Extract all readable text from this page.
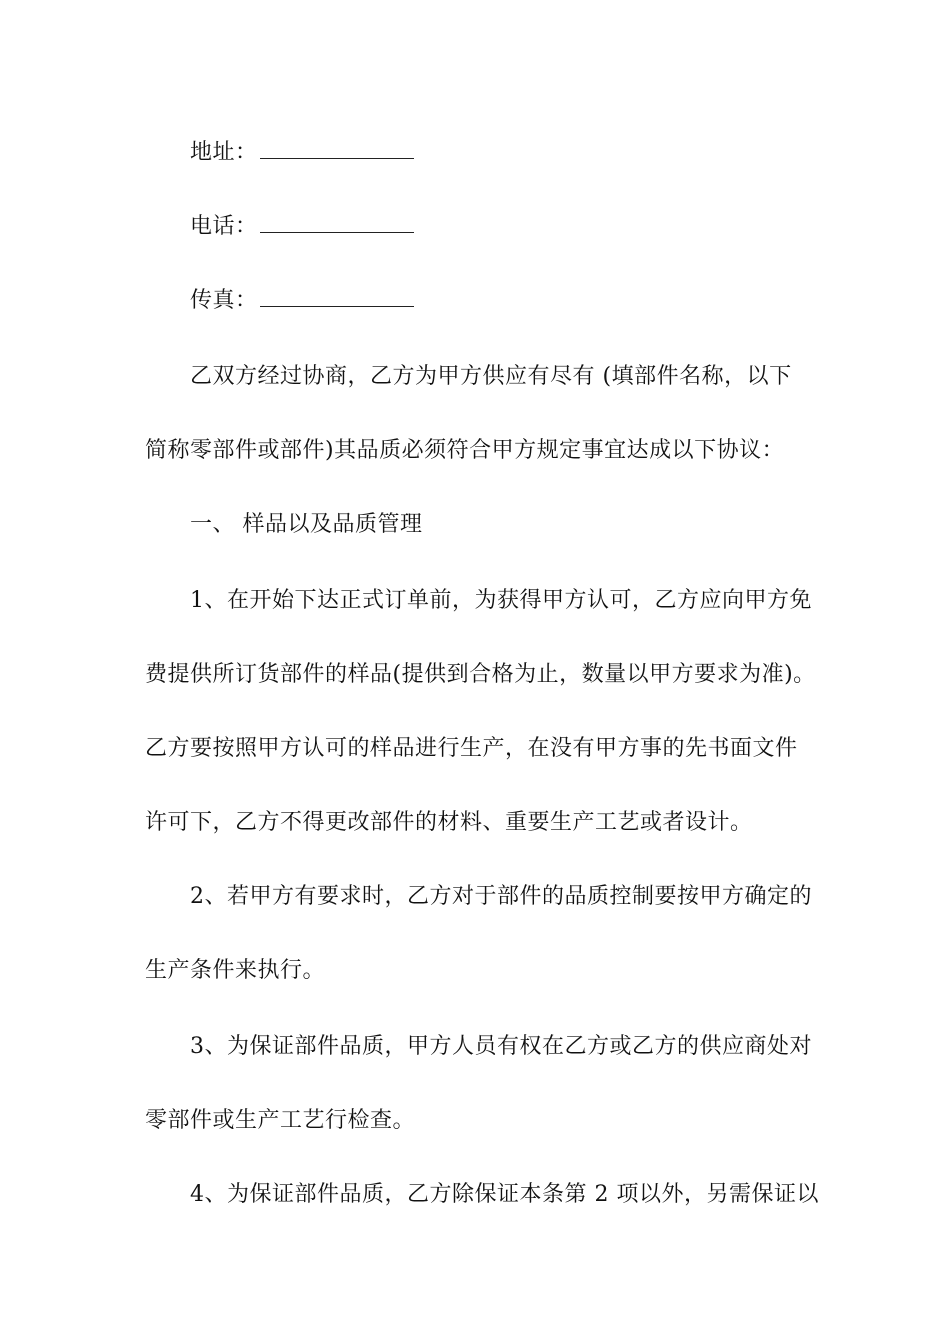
地址：
电话：
传真：
乙双方经过协商，乙方为甲方供应有尽有 (填部件名称，以下
简称零部件或部件)其品质必须符合甲方规定事宜达成以下协议：
一、 样品以及品质管理
1、在开始下达正式订单前，为获得甲方认可，乙方应向甲方免
费提供所订货部件的样品(提供到合格为止，数量以甲方要求为准)。
乙方要按照甲方认可的样品进行生产，在没有甲方事的先书面文件
许可下，乙方不得更改部件的材料、重要生产工艺或者设计。
2、若甲方有要求时，乙方对于部件的品质控制要按甲方确定的
生产条件来执行。
3、为保证部件品质，甲方人员有权在乙方或乙方的供应商处对
零部件或生产工艺行检查。
4、为保证部件品质，乙方除保证本条第 2 项以外，另需保证以
